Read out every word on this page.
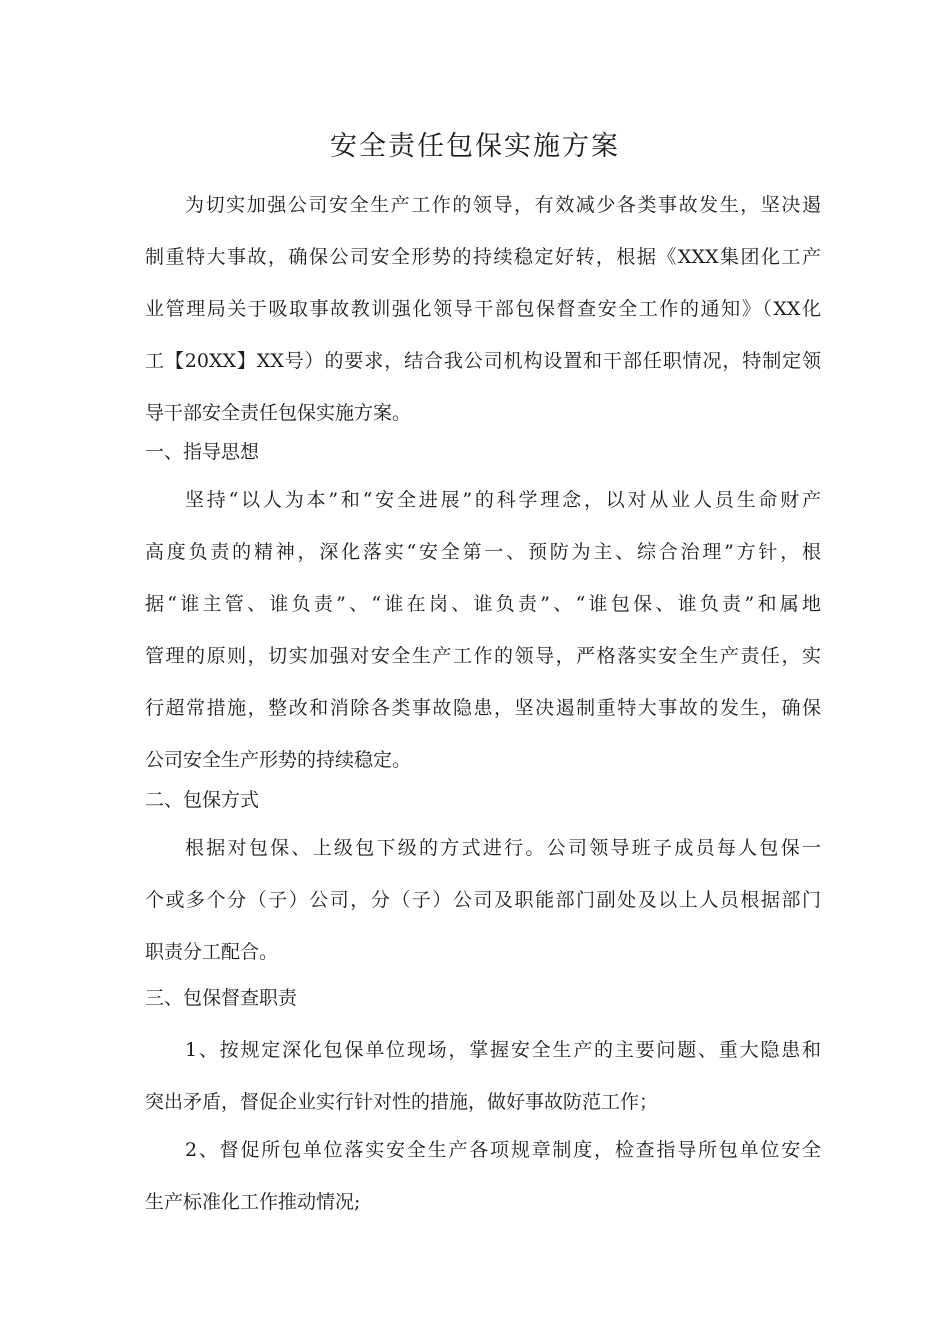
安全责任包保实施方案
为切实加强公司安全生产工作的领导，有效减少各类事故发生，坚决遏
制重特大事故，确保公司安全形势的持续稳定好转，根据《XXX集团化工产
业管理局关于吸取事故教训强化领导干部包保督查安全工作的通知》（XX化
工【20XX】XX号）的要求，结合我公司机构设置和干部任职情况，特制定领
导干部安全责任包保实施方案。
一、指导思想
坚持“以人为本”和“安全进展”的科学理念，以对从业人员生命财产
高度负责的精神，深化落实“安全第一、预防为主、综合治理”方针，根
据“谁主管、谁负责”、“谁在岗、谁负责”、“谁包保、谁负责”和属地
管理的原则，切实加强对安全生产工作的领导，严格落实安全生产责任，实
行超常措施，整改和消除各类事故隐患，坚决遏制重特大事故的发生，确保
公司安全生产形势的持续稳定。
二、包保方式
根据对包保、上级包下级的方式进行。公司领导班子成员每人包保一
个或多个分（子）公司，分（子）公司及职能部门副处及以上人员根据部门
职责分工配合。
三、包保督查职责
1、按规定深化包保单位现场，掌握安全生产的主要问题、重大隐患和
突出矛盾，督促企业实行针对性的措施，做好事故防范工作；
2、督促所包单位落实安全生产各项规章制度，检查指导所包单位安全
生产标准化工作推动情况;
